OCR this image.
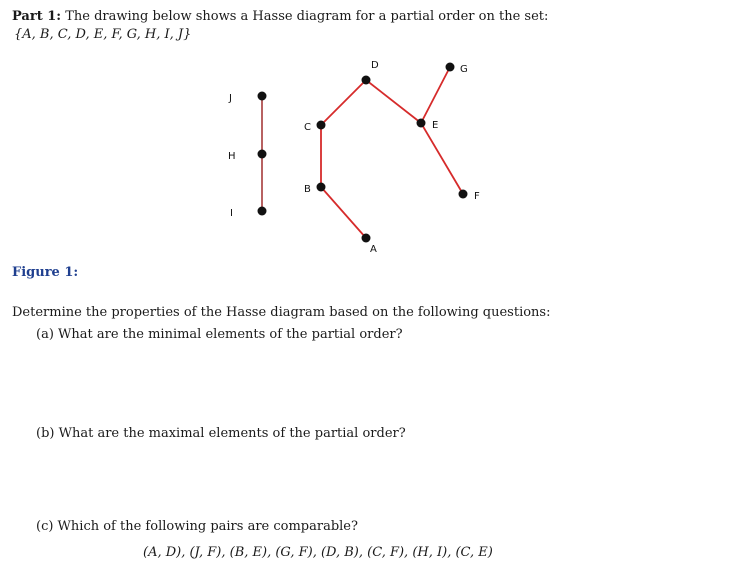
Part 1: The drawing below shows a Hasse diagram for a partial order on the set:
{A, B, C, D, E, F, G, H, I, J}
J
H
I
C
B
A
D
E
G
F
Figure 1:
Determine the properties of the Hasse diagram based on the following questions:
(a) What are the minimal elements of the partial order?
(b) What are the maximal elements of the partial order?
(c) Which of the following pairs are comparable?
(A, D), (J, F), (B, E), (G, F), (D, B), (C, F), (H, I), (C, E)
